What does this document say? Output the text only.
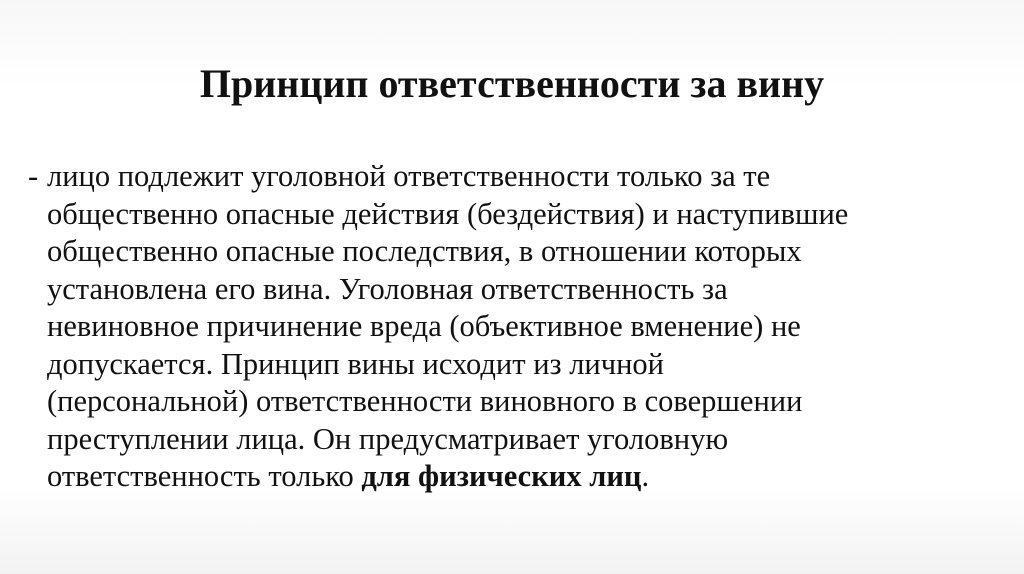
Принцип ответственности за вину
- лицо подлежит уголовной ответственности только за те
общественно опасные действия (бездействия) и наступившие
общественно опасные последствия, в отношении которых
установлена его вина. Уголовная ответственность за
невиновное причинение вреда (объективное вменение) не
допускается. Принцип вины исходит из личной
(персональной) ответственности виновного в совершении
преступлении лица. Он предусматривает уголовную
ответственность только для физических лиц.
